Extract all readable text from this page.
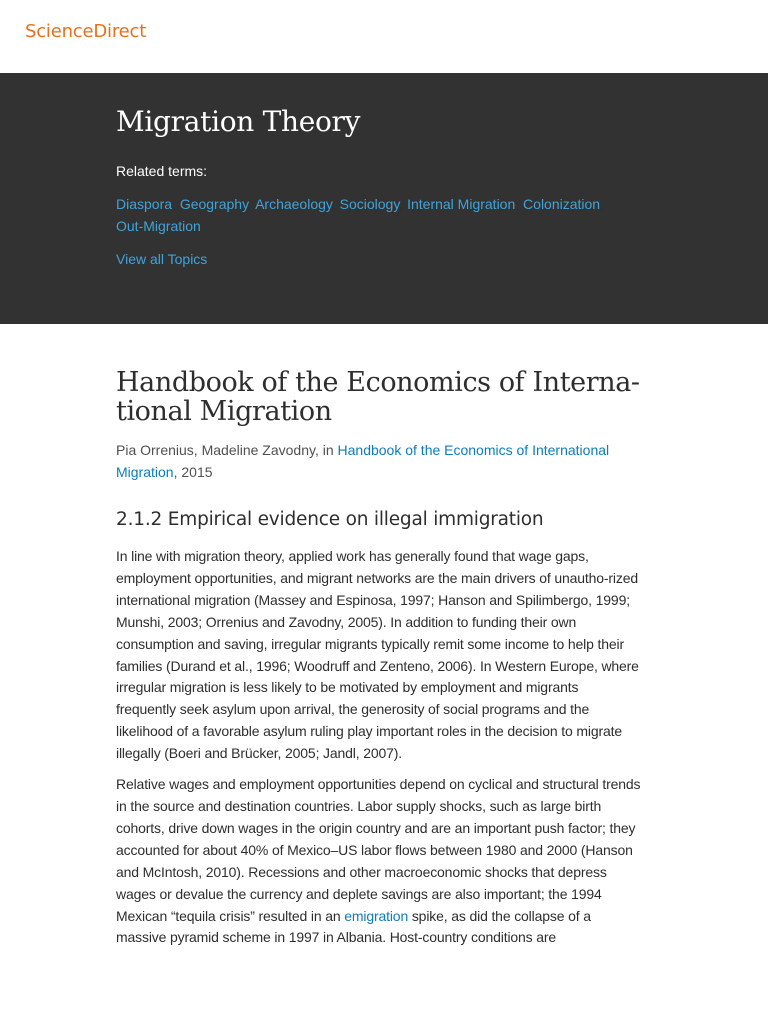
ScienceDirect
Migration Theory
Related terms:
Diaspora, Geography, Archaeology, Sociology, Internal Migration, Colonization,
Out-Migration
View all Topics
Handbook of the Economics of Interna-
tional Migration

Pia Orrenius, Madeline Zavodny, in Handbook of the Economics of International Migration, 2015

2.1.2 Empirical evidence on illegal immigration

In line with migration theory, applied work has generally found that wage gaps, employment opportunities, and migrant networks are the main drivers of unautho-rized international migration (Massey and Espinosa, 1997; Hanson and Spilimbergo, 1999; Munshi, 2003; Orrenius and Zavodny, 2005). In addition to funding their own consumption and saving, irregular migrants typically remit some income to help their families (Durand et al., 1996; Woodruff and Zenteno, 2006). In Western Europe, where irregular migration is less likely to be motivated by employment and migrants frequently seek asylum upon arrival, the generosity of social programs and the likelihood of a favorable asylum ruling play important roles in the decision to migrate illegally (Boeri and Brücker, 2005; Jandl, 2007).

Relative wages and employment opportunities depend on cyclical and structural trends in the source and destination countries. Labor supply shocks, such as large birth cohorts, drive down wages in the origin country and are an important push factor; they accounted for about 40% of Mexico–US labor flows between 1980 and 2000 (Hanson and McIntosh, 2010). Recessions and other macroeconomic shocks that depress wages or devalue the currency and deplete savings are also important; the 1994 Mexican “tequila crisis” resulted in an emigration spike, as did the collapse of a massive pyramid scheme in 1997 in Albania. Host-country conditions are
